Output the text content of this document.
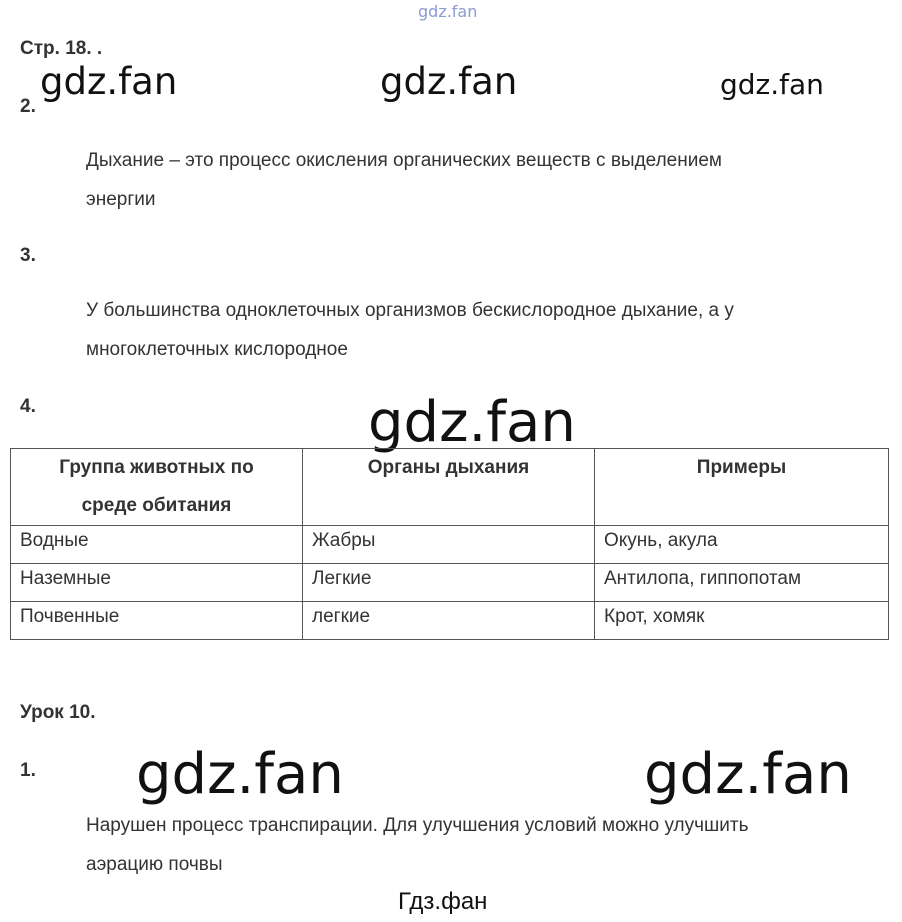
gdz.fan
gdz.fan	gdz.fan	gdz.fan
gdz.fan
gdz.fan	gdz.fan
Гдз.фан
Стр. 18. .
2.
Дыхание – это процесс окисления органических веществ с выделением
энергии
3.
У большинства одноклеточных организмов бескислородное дыхание, а у
многоклеточных кислородное
4.
Группа животных по
среде обитания	Органы дыхания	Примеры

Водные	Жабры	Окунь, акула
Наземные	Легкие	Антилопа, гиппопотам
Почвенные	легкие	Крот, хомяк
Урок 10.
1.
Нарушен процесс транспирации. Для улучшения условий можно улучшить
аэрацию почвы
